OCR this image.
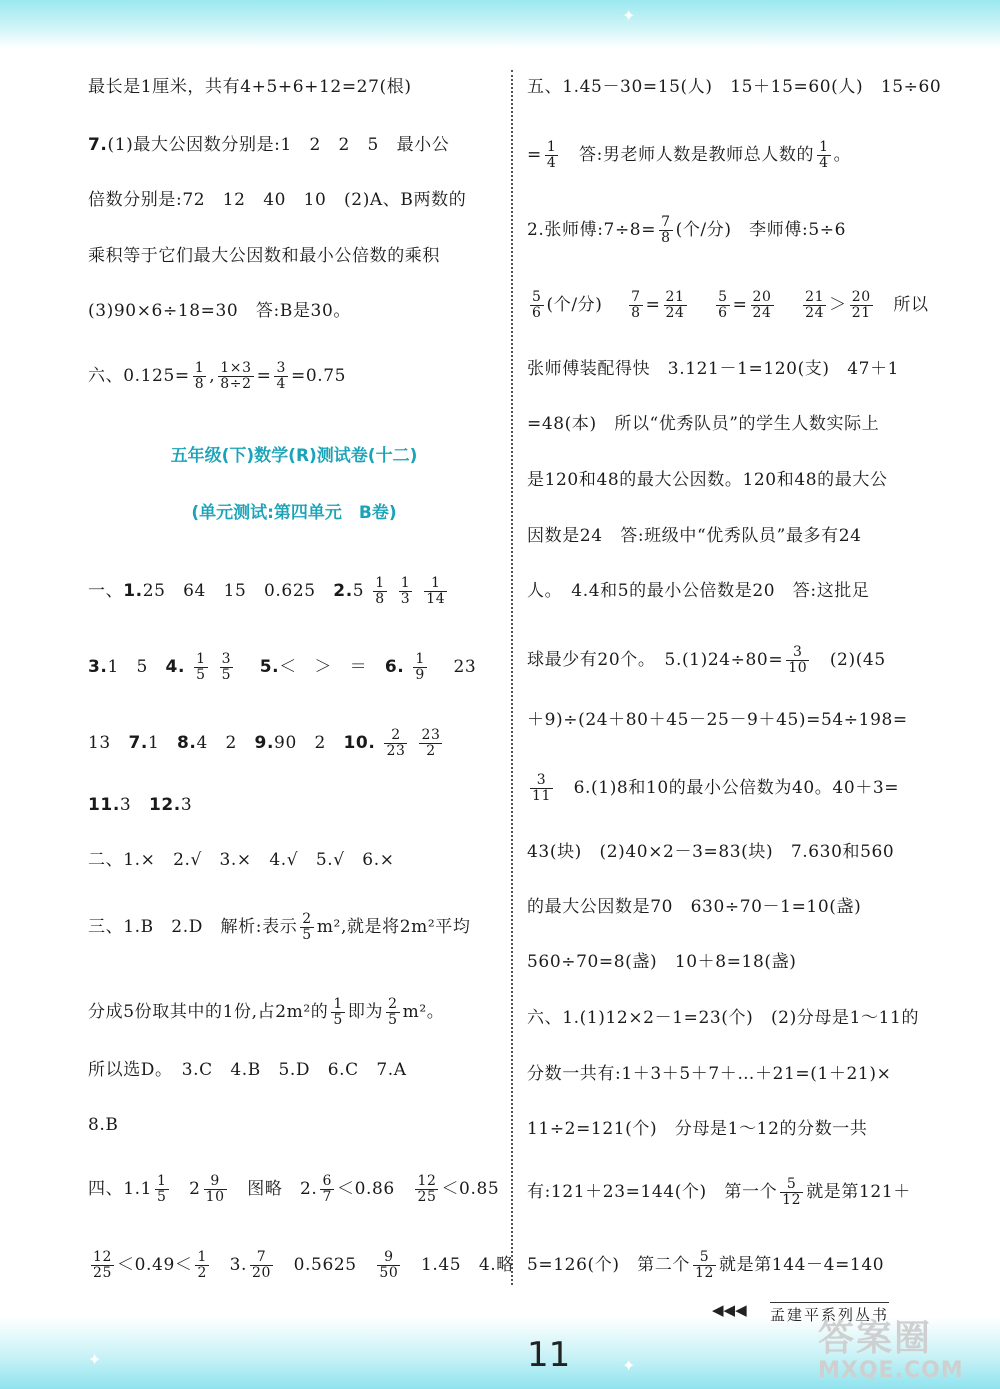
✦
最长是1厘米，共有4+5+6+12=27(根)
7.(1)最大公因数分别是:1　2　2　5　最小公
倍数分别是:72　12　40　10　(2)A、B两数的
乘积等于它们最大公因数和最小公倍数的乘积
(3)90×6÷18=30　答:B是30。
六、$0.125= \frac{1}{8}$ , $\frac{1\times 3}{8\div 2} = \frac{3}{4} =0.75$
五年级(下)数学(R)测试卷(十二)
(单元测试:第四单元　B卷)
一、1.25　64　15　0.625　 $2.5 \frac{1}{8}$
$\frac{1}{3}$
$\frac{1}{14}$
3.1　5　 4. $\frac{1}{5}$
$\frac{3}{5}$
　 5.＜　＞　＝　 6. $\frac{1}{9}$
　 23
13　 7.1　 8.4　2　 9.90　2　 10. $\frac{2}{23}$
$\frac{23}{2}$
11.3　 12.3
二、1.×　2.√　3.×　4.√　5.√　6.×
三、1.B　2.D　解析:表示 $\frac{2}{5} m^2$,就是将2m²平均
分成5份取其中的1份,占2m²的 $\frac{1}{5}$ 即为 $\frac{2}{5} m^2$。
所以选D。　3.C　4.B　5.D　6.C　7.A
8.B
四、$1.1 \frac{1}{5}$
　 $2 \frac{9}{10}$
　 图略　2. $\frac{6}{7} <0.86$　 $\frac{12}{25} <0.85$
$\frac{12}{25} <0.49< \frac{1}{2}$
　 3. $\frac{7}{20}$
　 0.5625　 $\frac{9}{50}$
　 1.45　4.略
五、1.45－30=15(人)　15＋15=60(人)　15÷60
= $\frac{1}{4}$
　 答:男老师人数是教师总人数的 $\frac{1}{4}$ 。
2.张师傅:7÷8= $\frac{7}{8}$ (个/分)　李师傅:5÷6
$\frac{5}{6}$ (个/分)　 $\frac{7}{8} = \frac{21}{24}$
　 $\frac{5}{6} = \frac{20}{24}$
　 $\frac{21}{24} > \frac{20}{21}$
　 所以
张师傅装配得快　3.121－1=120(支)　47＋1
=48(本)　所以“优秀队员”的学生人数实际上
是120和48的最大公因数。120和48的最大公
因数是24　答:班级中“优秀队员”最多有24
人。　4.4和5的最小公倍数是20　答:这批足
球最少有20个。　$5.(1)24\div 80= \frac{3}{10}$
　 (2)(45
＋9)÷(24＋80＋45－25－9＋45)=54÷198=
$\frac{3}{11}$
　 6.(1)8和10的最小公倍数为40。40＋3=
43(块)　(2)40×2－3=83(块)　7.630和560
的最大公因数是70　630÷70－1=10(盏)
560÷70=8(盏)　10＋8=18(盏)
六、1.(1)12×2－1=23(个)　(2)分母是1～11的
分数一共有:1＋3＋5＋7＋…＋21=(1＋21)×
11÷2=121(个)　分母是1～12的分数一共
有:121＋23=144(个)　第一个 $\frac{5}{12}$ 就是第121＋
5=126(个)　第二个 $\frac{5}{12}$ 就是第144－4=140
✦	✦
◀◀◀ 孟建平系列丛书
11	答案圈
MXQE.COM
